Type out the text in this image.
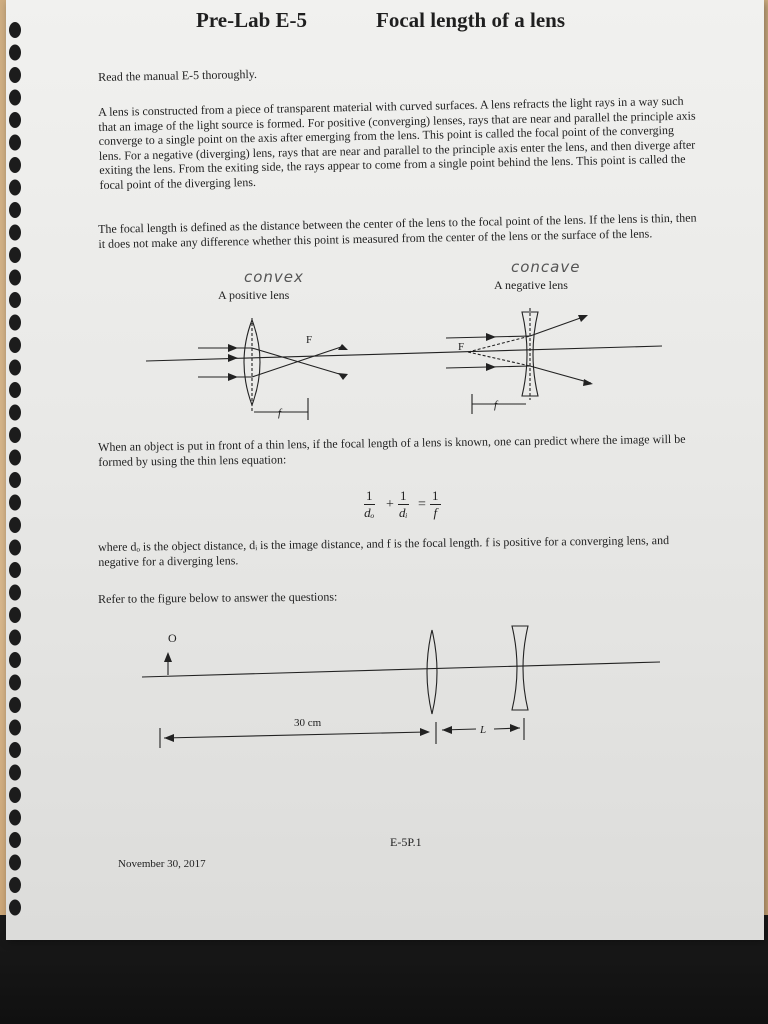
Pre-Lab E-5	Focal length of a lens
Read the manual E-5 thoroughly.
A lens is constructed from a piece of transparent material with curved surfaces. A lens refracts the light rays in a way such that an image of the light source is formed. For positive (converging) lenses, rays that are near and parallel the principle axis converge to a single point on the axis after emerging from the lens. This point is called the focal point of the converging lens. For a negative (diverging) lens, rays that are near and parallel to the principle axis enter the lens, and then diverge after exiting the lens. From the exiting side, the rays appear to come from a single point behind the lens. This point is called the focal point of the diverging lens.
The focal length is defined as the distance between the center of the lens to the focal point of the lens. If the lens is thin, then it does not make any difference whether this point is measured from the center of the lens or the surface of the lens.
convex
concave
A positive lens
A negative lens
F
f
F
f
When an object is put in front of a thin lens, if the focal length of a lens is known, one can predict where the image will be formed by using the thin lens equation:
$\frac{1}{\text{dₒ}} + \frac{1}{\text{dᵢ}} = \frac{1}{f}$
where dₒ is the object distance, dᵢ is the image distance, and f is the focal length. f is positive for a converging lens, and negative for a diverging lens.
Refer to the figure below to answer the questions:
O
30 cm
L
E-5P.1
November 30, 2017
